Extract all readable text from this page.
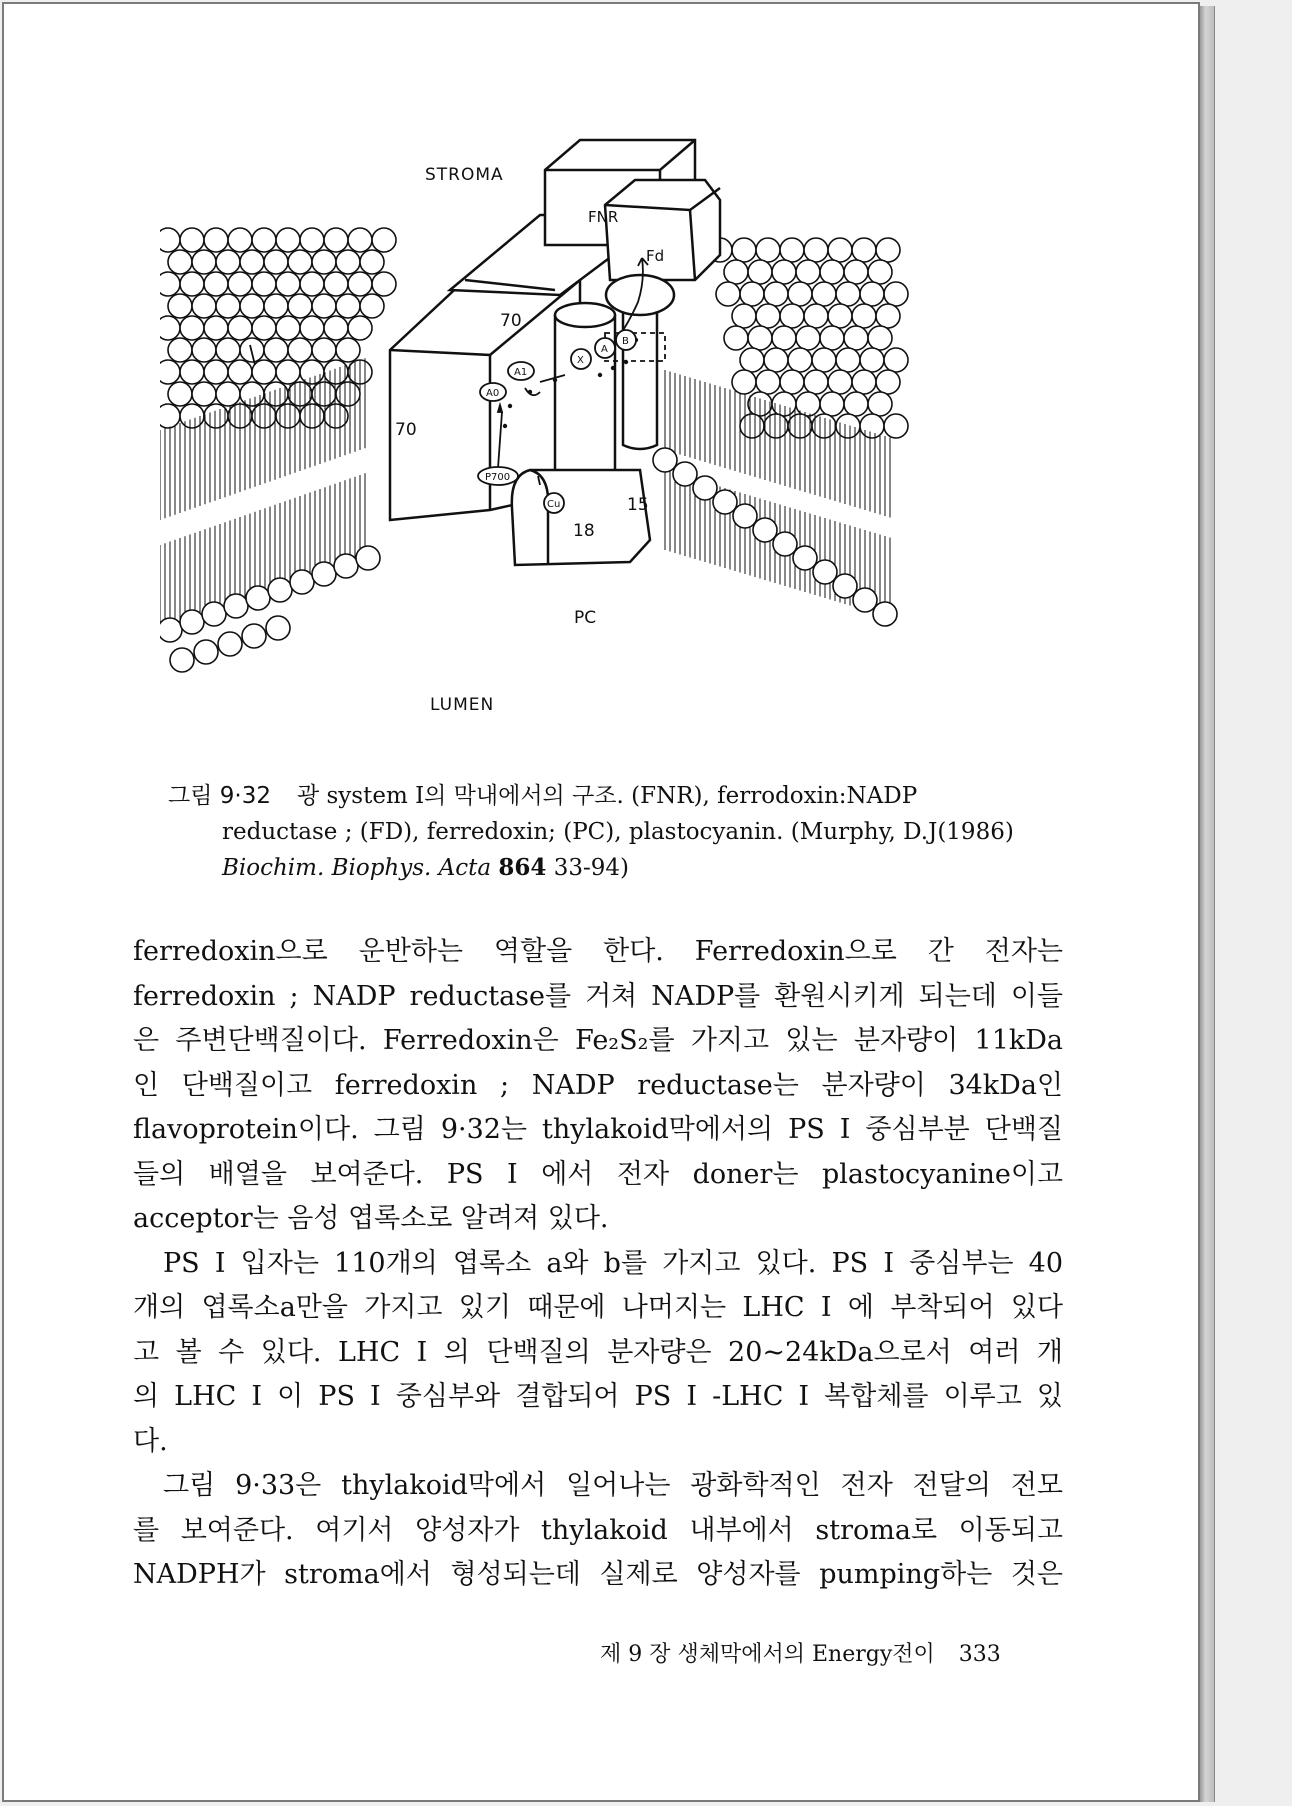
STROMA
LUMEN
FNR
Fd
70
70
18
15
PC
A0
A1
X
A
B
P700
Cu
그림 9·32 광 system I의 막내에서의 구조. (FNR), ferrodoxin:NADP
reductase ; (FD), ferredoxin; (PC), plastocyanin. (Murphy, D.J(1986)
Biochim. Biophys. Acta 864 33-94)

ferredoxin으로 운반하는 역할을 한다. Ferredoxin으로 간 전자는

ferredoxin ; NADP reductase를 거쳐 NADP를 환원시키게 되는데 이들

은 주변단백질이다. Ferredoxin은 Fe₂S₂를 가지고 있는 분자량이 11kDa

인 단백질이고 ferredoxin ; NADP reductase는 분자량이 34kDa인

flavoprotein이다. 그림 9·32는 thylakoid막에서의 PS I 중심부분 단백질

들의 배열을 보여준다. PS I 에서 전자 doner는 plastocyanine이고

acceptor는 음성 엽록소로 알려져 있다.

PS I 입자는 110개의 엽록소 a와 b를 가지고 있다. PS I 중심부는 40

개의 엽록소a만을 가지고 있기 때문에 나머지는 LHC I 에 부착되어 있다

고 볼 수 있다. LHC I 의 단백질의 분자량은 20~24kDa으로서 여러 개

의 LHC I 이 PS I 중심부와 결합되어 PS I -LHC I 복합체를 이루고 있

다.

그림 9·33은 thylakoid막에서 일어나는 광화학적인 전자 전달의 전모

를 보여준다. 여기서 양성자가 thylakoid 내부에서 stroma로 이동되고

NADPH가 stroma에서 형성되는데 실제로 양성자를 pumping하는 것은

제 9 장 생체막에서의 Energy전이 333
